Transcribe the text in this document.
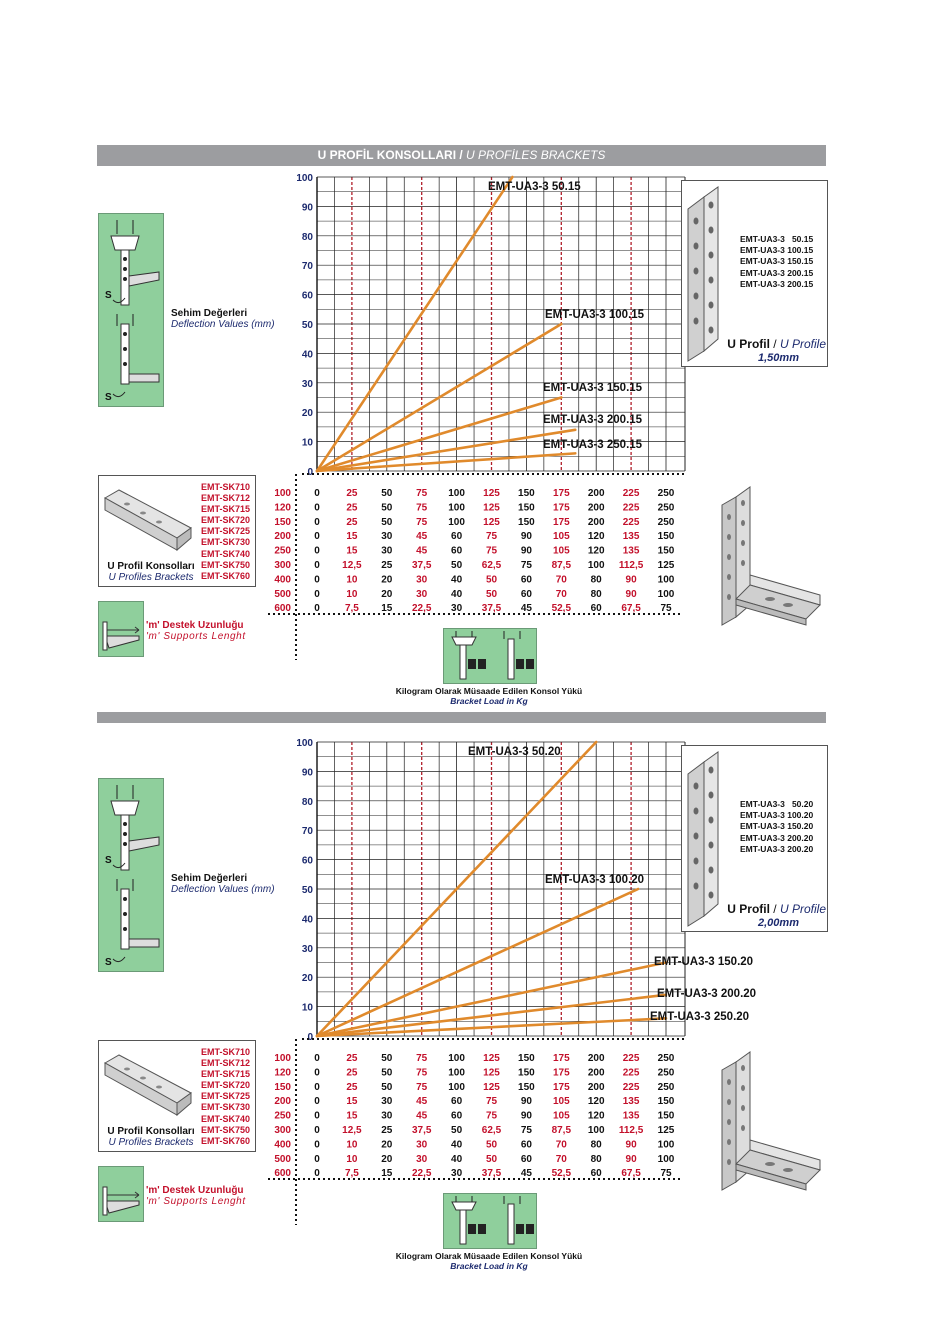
U PROFİL KONSOLLARI / U PROFİLES BRACKETS
S
S
Sehim Değerleri
Deflection Values (mm)
EMT-SK710
EMT-SK712
EMT-SK715
EMT-SK720
EMT-SK725
EMT-SK730
EMT-SK740
EMT-SK750
EMT-SK760
U Profil Konsolları
U Profiles Brackets
'm' Destek Uzunluğu
'm' Supports Lenght
0
10
20
30
40
50
60
70
80
90
100
EMT-UA3-3 50.15
EMT-UA3-3 100.15
EMT-UA3-3 150.15
EMT-UA3-3 200.15
EMT-UA3-3 250.15
100 0	25 50 75 100 125 150 175 200 225 250
120 0	25 50 75 100 125 150 175 200 225 250
150 0	25 50 75 100 125 150 175 200 225 250
200 0	15 30 45 60 75 90 105 120 135 150
250 0	15 30 45 60 75 90 105 120 135 150
300 0 12,5 25 37,5 50 62,5 75 87,5 100 112,5 125
400 0	10 20 30 40 50 60 70 80 90 100
500 0	10 20 30 40 50 60 70 80 90 100
600 0	7,5 15 22,5 30 37,5 45 52,5 60 67,5 75
Kilogram Olarak Müsaade Edilen Konsol Yükü
Bracket Load in Kg
EMT-UA3-3   50.15
EMT-UA3-3 100.15
EMT-UA3-3 150.15
EMT-UA3-3 200.15
EMT-UA3-3 200.15
U Profil / U Profile
1,50mm
S
S
Sehim Değerleri
Deflection Values (mm)
EMT-SK710
EMT-SK712
EMT-SK715
EMT-SK720
EMT-SK725
EMT-SK730
EMT-SK740
EMT-SK750
EMT-SK760
U Profil Konsolları
U Profiles Brackets
'm' Destek Uzunluğu
'm' Supports Lenght
0
10
20
30
40
50
60
70
80
90
100
EMT-UA3-3 50.20
EMT-UA3-3 100.20
EMT-UA3-3 150.20
EMT-UA3-3 200.20
EMT-UA3-3 250.20
100 0	25 50 75 100 125 150 175 200 225 250
120 0	25 50 75 100 125 150 175 200 225 250
150 0	25 50 75 100 125 150 175 200 225 250
200 0	15 30 45 60 75 90 105 120 135 150
250 0	15 30 45 60 75 90 105 120 135 150
300 0 12,5 25 37,5 50 62,5 75 87,5 100 112,5 125
400 0	10 20 30 40 50 60 70 80 90 100
500 0	10 20 30 40 50 60 70 80 90 100
600 0	7,5 15 22,5 30 37,5 45 52,5 60 67,5 75
Kilogram Olarak Müsaade Edilen Konsol Yükü
Bracket Load in Kg
EMT-UA3-3   50.20
EMT-UA3-3 100.20
EMT-UA3-3 150.20
EMT-UA3-3 200.20
EMT-UA3-3 200.20
U Profil / U Profile
2,00mm
